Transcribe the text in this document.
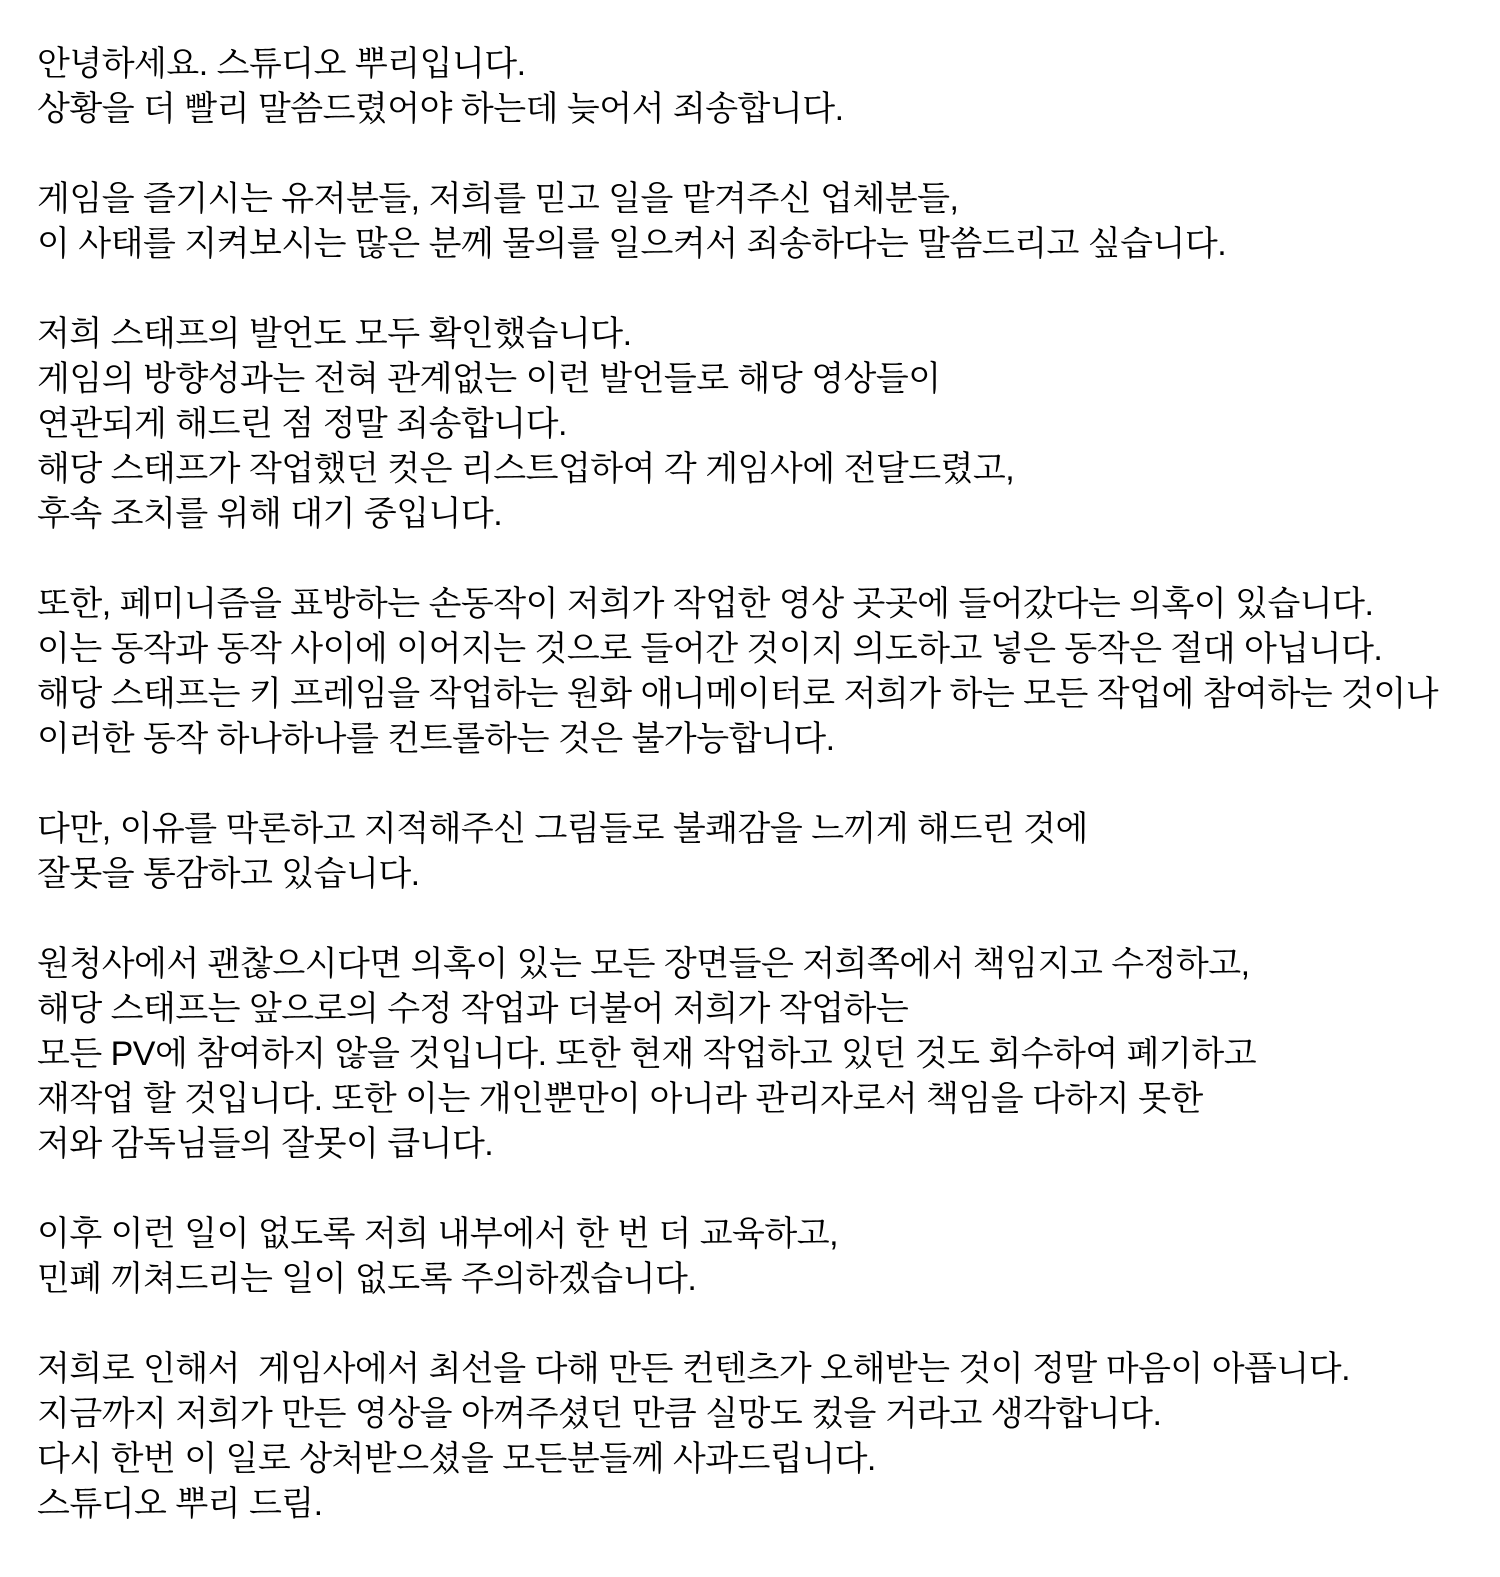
안녕하세요. 스튜디오 뿌리입니다.
상황을 더 빨리 말씀드렸어야 하는데 늦어서 죄송합니다.

게임을 즐기시는 유저분들, 저희를 믿고 일을 맡겨주신 업체분들,
이 사태를 지켜보시는 많은 분께 물의를 일으켜서 죄송하다는 말씀드리고 싶습니다.

저희 스태프의 발언도 모두 확인했습니다.
게임의 방향성과는 전혀 관계없는 이런 발언들로 해당 영상들이
연관되게 해드린 점 정말 죄송합니다.
해당 스태프가 작업했던 컷은 리스트업하여 각 게임사에 전달드렸고,
후속 조치를 위해 대기 중입니다.

또한, 페미니즘을 표방하는 손동작이 저희가 작업한 영상 곳곳에 들어갔다는 의혹이 있습니다.
이는 동작과 동작 사이에 이어지는 것으로 들어간 것이지 의도하고 넣은 동작은 절대 아닙니다.
해당 스태프는 키 프레임을 작업하는 원화 애니메이터로 저희가 하는 모든 작업에 참여하는 것이나
이러한 동작 하나하나를 컨트롤하는 것은 불가능합니다.

다만, 이유를 막론하고 지적해주신 그림들로 불쾌감을 느끼게 해드린 것에
잘못을 통감하고 있습니다.

원청사에서 괜찮으시다면 의혹이 있는 모든 장면들은 저희쪽에서 책임지고 수정하고,
해당 스태프는 앞으로의 수정 작업과 더불어 저희가 작업하는
모든 PV에 참여하지 않을 것입니다. 또한 현재 작업하고 있던 것도 회수하여 폐기하고
재작업 할 것입니다. 또한 이는 개인뿐만이 아니라 관리자로서 책임을 다하지 못한
저와 감독님들의 잘못이 큽니다.

이후 이런 일이 없도록 저희 내부에서 한 번 더 교육하고,
민폐 끼쳐드리는 일이 없도록 주의하겠습니다.

저희로 인해서  게임사에서 최선을 다해 만든 컨텐츠가 오해받는 것이 정말 마음이 아픕니다.
지금까지 저희가 만든 영상을 아껴주셨던 만큼 실망도 컸을 거라고 생각합니다.
다시 한번 이 일로 상처받으셨을 모든분들께 사과드립니다.
스튜디오 뿌리 드림.
